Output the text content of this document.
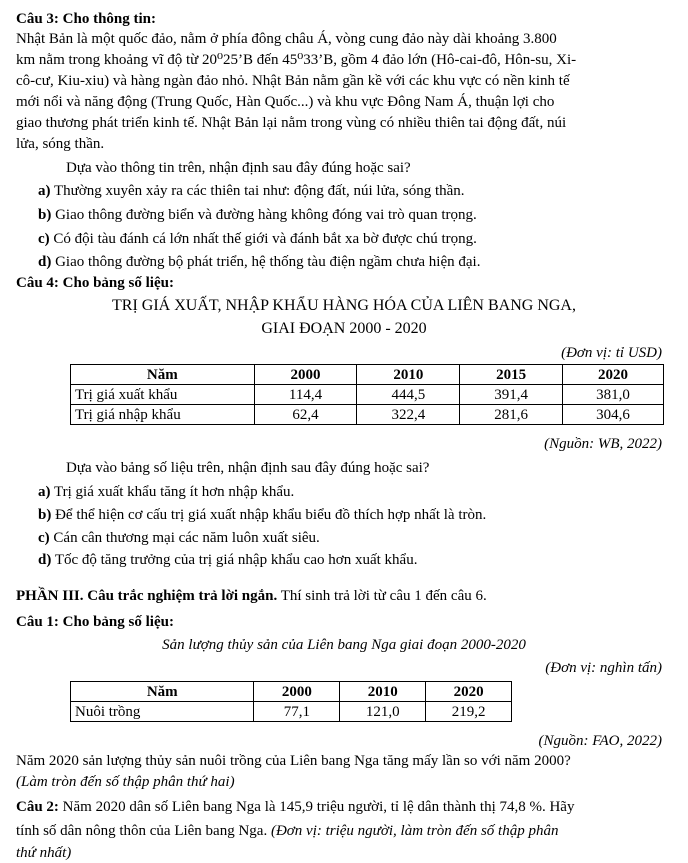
Câu 3: Cho thông tin:
Nhật Bản là một quốc đảo, nằm ở phía đông châu Á, vòng cung đảo này dài khoảng 3.800
km nằm trong khoảng vĩ độ từ 20⁰25’B đến 45⁰33’B, gồm 4 đảo lớn (Hô-cai-đô, Hôn-su, Xi-
cô-cư, Kiu-xiu) và hàng ngàn đảo nhỏ. Nhật Bản nằm gần kề với các khu vực có nền kinh tế
mới nổi và năng động (Trung Quốc, Hàn Quốc...) và khu vực Đông Nam Á, thuận lợi cho
giao thương phát triển kinh tế. Nhật Bản lại nằm trong vùng có nhiều thiên tai động đất, núi
lửa, sóng thần.
Dựa vào thông tin trên, nhận định sau đây đúng hoặc sai?
a) Thường xuyên xảy ra các thiên tai như: động đất, núi lửa, sóng thần.
b) Giao thông đường biển và đường hàng không đóng vai trò quan trọng.
c) Có đội tàu đánh cá lớn nhất thế giới và đánh bắt xa bờ được chú trọng.
d) Giao thông đường bộ phát triển, hệ thống tàu điện ngầm chưa hiện đại.
Câu 4: Cho bảng số liệu:
TRỊ GIÁ XUẤT, NHẬP KHẨU HÀNG HÓA CỦA LIÊN BANG NGA,
GIAI ĐOẠN 2000 - 2020
(Đơn vị: tỉ USD)
Năm	2000	2010	2015	2020
Trị giá xuất khẩu	114,4	444,5	391,4	381,0
Trị giá nhập khẩu	62,4	322,4	281,6	304,6
(Nguồn: WB, 2022)
Dựa vào bảng số liệu trên, nhận định sau đây đúng hoặc sai?
a) Trị giá xuất khẩu tăng ít hơn nhập khẩu.
b) Để thể hiện cơ cấu trị giá xuất nhập khẩu biểu đồ thích hợp nhất là tròn.
c) Cán cân thương mại các năm luôn xuất siêu.
d) Tốc độ tăng trưởng của trị giá nhập khẩu cao hơn xuất khẩu.
PHẦN III. Câu trắc nghiệm trả lời ngắn. Thí sinh trả lời từ câu 1 đến câu 6.
Câu 1: Cho bảng số liệu:
Sản lượng thủy sản của Liên bang Nga giai đoạn 2000-2020
(Đơn vị: nghìn tấn)
Năm	2000	2010	2020
Nuôi trồng	77,1	121,0	219,2
(Nguồn: FAO, 2022)
Năm 2020 sản lượng thủy sản nuôi trồng của Liên bang Nga tăng mấy lần so với năm 2000?
(Làm tròn đến số thập phân thứ hai)
Câu 2: Năm 2020 dân số Liên bang Nga là 145,9 triệu người, tỉ lệ dân thành thị 74,8 %. Hãy
tính số dân nông thôn của Liên bang Nga. (Đơn vị: triệu người, làm tròn đến số thập phân
thứ nhất)
